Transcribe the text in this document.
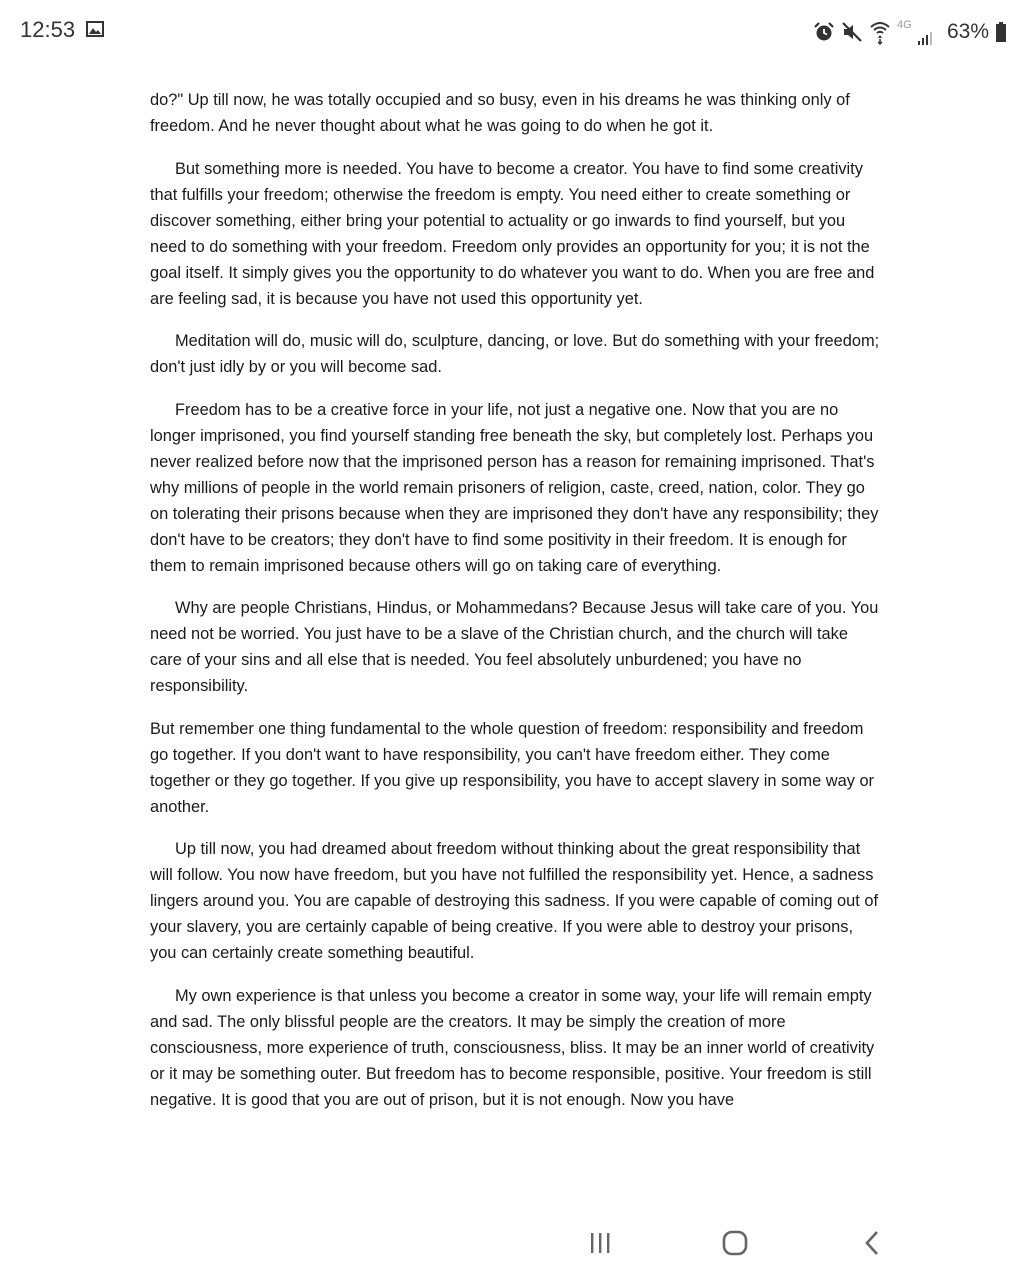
12:53	4G 63%

do?" Up till now, he was totally occupied and so busy, even in his dreams he was thinking only of freedom. And he never thought about what he was going to do when he got it.

But something more is needed. You have to become a creator. You have to find some creativity that fulfills your freedom; otherwise the freedom is empty. You need either to create something or discover something, either bring your potential to actuality or go inwards to find yourself, but you need to do something with your freedom. Freedom only provides an opportunity for you; it is not the goal itself. It simply gives you the opportunity to do whatever you want to do. When you are free and are feeling sad, it is because you have not used this opportunity yet.

Meditation will do, music will do, sculpture, dancing, or love. But do something with your freedom; don't just idly by or you will become sad.

Freedom has to be a creative force in your life, not just a negative one. Now that you are no longer imprisoned, you find yourself standing free beneath the sky, but completely lost. Perhaps you never realized before now that the imprisoned person has a reason for remaining imprisoned. That's why millions of people in the world remain prisoners of religion, caste, creed, nation, color. They go on tolerating their prisons because when they are imprisoned they don't have any responsibility; they don't have to be creators; they don't have to find some positivity in their freedom. It is enough for them to remain imprisoned because others will go on taking care of everything.

Why are people Christians, Hindus, or Mohammedans? Because Jesus will take care of you. You need not be worried. You just have to be a slave of the Christian church, and the church will take care of your sins and all else that is needed. You feel absolutely unburdened; you have no responsibility.

But remember one thing fundamental to the whole question of freedom: responsibility and freedom go together. If you don't want to have responsibility, you can't have freedom either. They come together or they go together. If you give up responsibility, you have to accept slavery in some way or another.

Up till now, you had dreamed about freedom without thinking about the great responsibility that will follow. You now have freedom, but you have not fulfilled the responsibility yet. Hence, a sadness lingers around you. You are capable of destroying this sadness. If you were capable of coming out of your slavery, you are certainly capable of being creative. If you were able to destroy your prisons, you can certainly create something beautiful.

My own experience is that unless you become a creator in some way, your life will remain empty and sad. The only blissful people are the creators. It may be simply the creation of more consciousness, more experience of truth, consciousness, bliss. It may be an inner world of creativity or it may be something outer. But freedom has to become responsible, positive. Your freedom is still negative. It is good that you are out of prison, but it is not enough. Now you have
